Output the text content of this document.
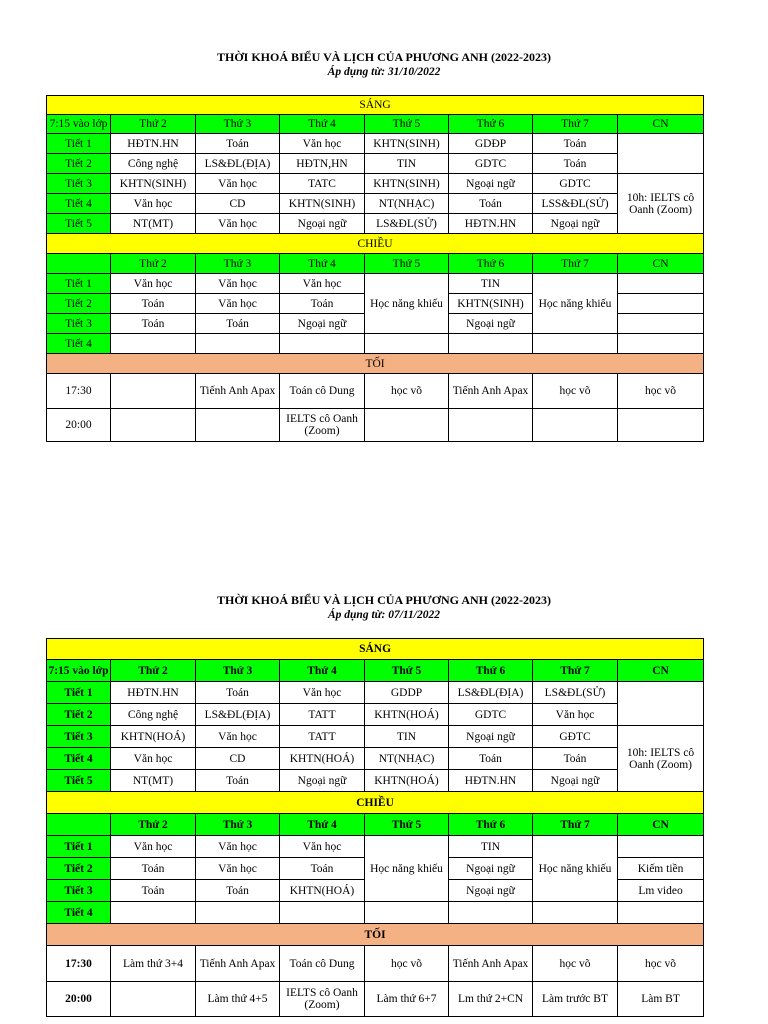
THỜI KHOÁ BIỂU VÀ LỊCH CỦA PHƯƠNG ANH (2022-2023)
Áp dụng từ: 31/10/2022
SÁNG							
7:15 vào lớp	Thứ 2	Thứ 3	Thứ 4	Thứ 5	Thứ 6	Thứ 7	CN
Tiết 1	HĐTN.HN	Toán	Văn học	KHTN(SINH)	GDĐP	Toán	
Tiết 2	Công nghệ	LS&ĐL(ĐỊA)	HĐTN,HN	TIN	GDTC	Toán	
Tiết 3	KHTN(SINH)	Văn học	TATC	KHTN(SINH)	Ngoại ngữ	GDTC	10h: IELTS cô Oanh (Zoom)
Tiết 4	Văn học	CD	KHTN(SINH)	NT(NHẠC)	Toán	LSS&ĐL(SỬ)	
Tiết 5	NT(MT)	Văn học	Ngoại ngữ	LS&ĐL(SỬ)	HĐTN.HN	Ngoại ngữ	
CHIỀU							
	Thứ 2	Thứ 3	Thứ 4	Thứ 5	Thứ 6	Thứ 7	CN
Tiết 1	Văn học	Văn học	Văn học	Học năng khiếu	TIN	Học năng khiếu	
Tiết 2	Toán	Văn học	Toán		KHTN(SINH)		
Tiết 3	Toán	Toán	Ngoại ngữ		Ngoại ngữ		
Tiết 4							
TỐI							
17:30		Tiếnh Anh Apax	Toán cô Dung	học võ	Tiếnh Anh Apax	học võ	học võ
20:00			IELTS cô Oanh (Zoom)				
THỜI KHOÁ BIỂU VÀ LỊCH CỦA PHƯƠNG ANH (2022-2023)
Áp dụng từ: 07/11/2022
SÁNG							
7:15 vào lớp	Thứ 2	Thứ 3	Thứ 4	Thứ 5	Thứ 6	Thứ 7	CN
Tiết 1	HĐTN.HN	Toán	Văn học	GDDP	LS&ĐL(ĐỊA)	LS&ĐL(SỬ)	
Tiết 2	Công nghệ	LS&ĐL(ĐỊA)	TATT	KHTN(HOÁ)	GDTC	Văn học	
Tiết 3	KHTN(HOÁ)	Văn học	TATT	TIN	Ngoại ngữ	GĐTC	10h: IELTS cô Oanh (Zoom)
Tiết 4	Văn học	CD	KHTN(HOÁ)	NT(NHẠC)	Toán	Toán	
Tiết 5	NT(MT)	Toán	Ngoại ngữ	KHTN(HOÁ)	HĐTN.HN	Ngoại ngữ	
CHIỀU							
	Thứ 2	Thứ 3	Thứ 4	Thứ 5	Thứ 6	Thứ 7	CN
Tiết 1	Văn học	Văn học	Văn học	Học năng khiếu	TIN	Học năng khiếu	
Tiết 2	Toán	Văn học	Toán		Ngoại ngữ		Kiếm tiền
Tiết 3	Toán	Toán	KHTN(HOÁ)		Ngoại ngữ		Lm video
Tiết 4							
TỐI							
17:30	Làm thứ 3+4	Tiếnh Anh Apax	Toán cô Dung	học võ	Tiếnh Anh Apax	học võ	học võ
20:00		Làm thứ 4+5	IELTS cô Oanh (Zoom)	Làm thứ 6+7	Lm thứ 2+CN	Làm trước BT	Làm BT
